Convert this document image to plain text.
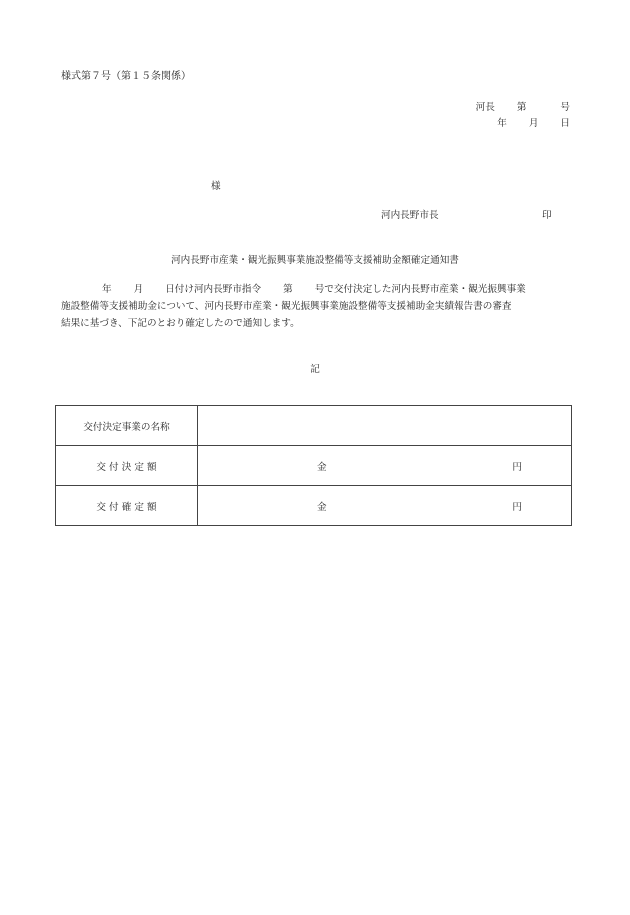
様式第７号（第１５条関係）
河長 第	号
年 月 日
様
河内長野市長	印
河内長野市産業・観光振興事業施設整備等支援補助金額確定通知書
年 月 日付け河内長野市指令 第 号で交付決定した河内長野市産業・観光振興事業
施設整備等支援補助金について、河内長野市産業・観光振興事業施設整備等支援補助金実績報告書の審査
結果に基づき、下記のとおり確定したので通知します。
記
交付決定事業の名称	
交 付 決 定 額	金 円

交 付 確 定 額	金 円
